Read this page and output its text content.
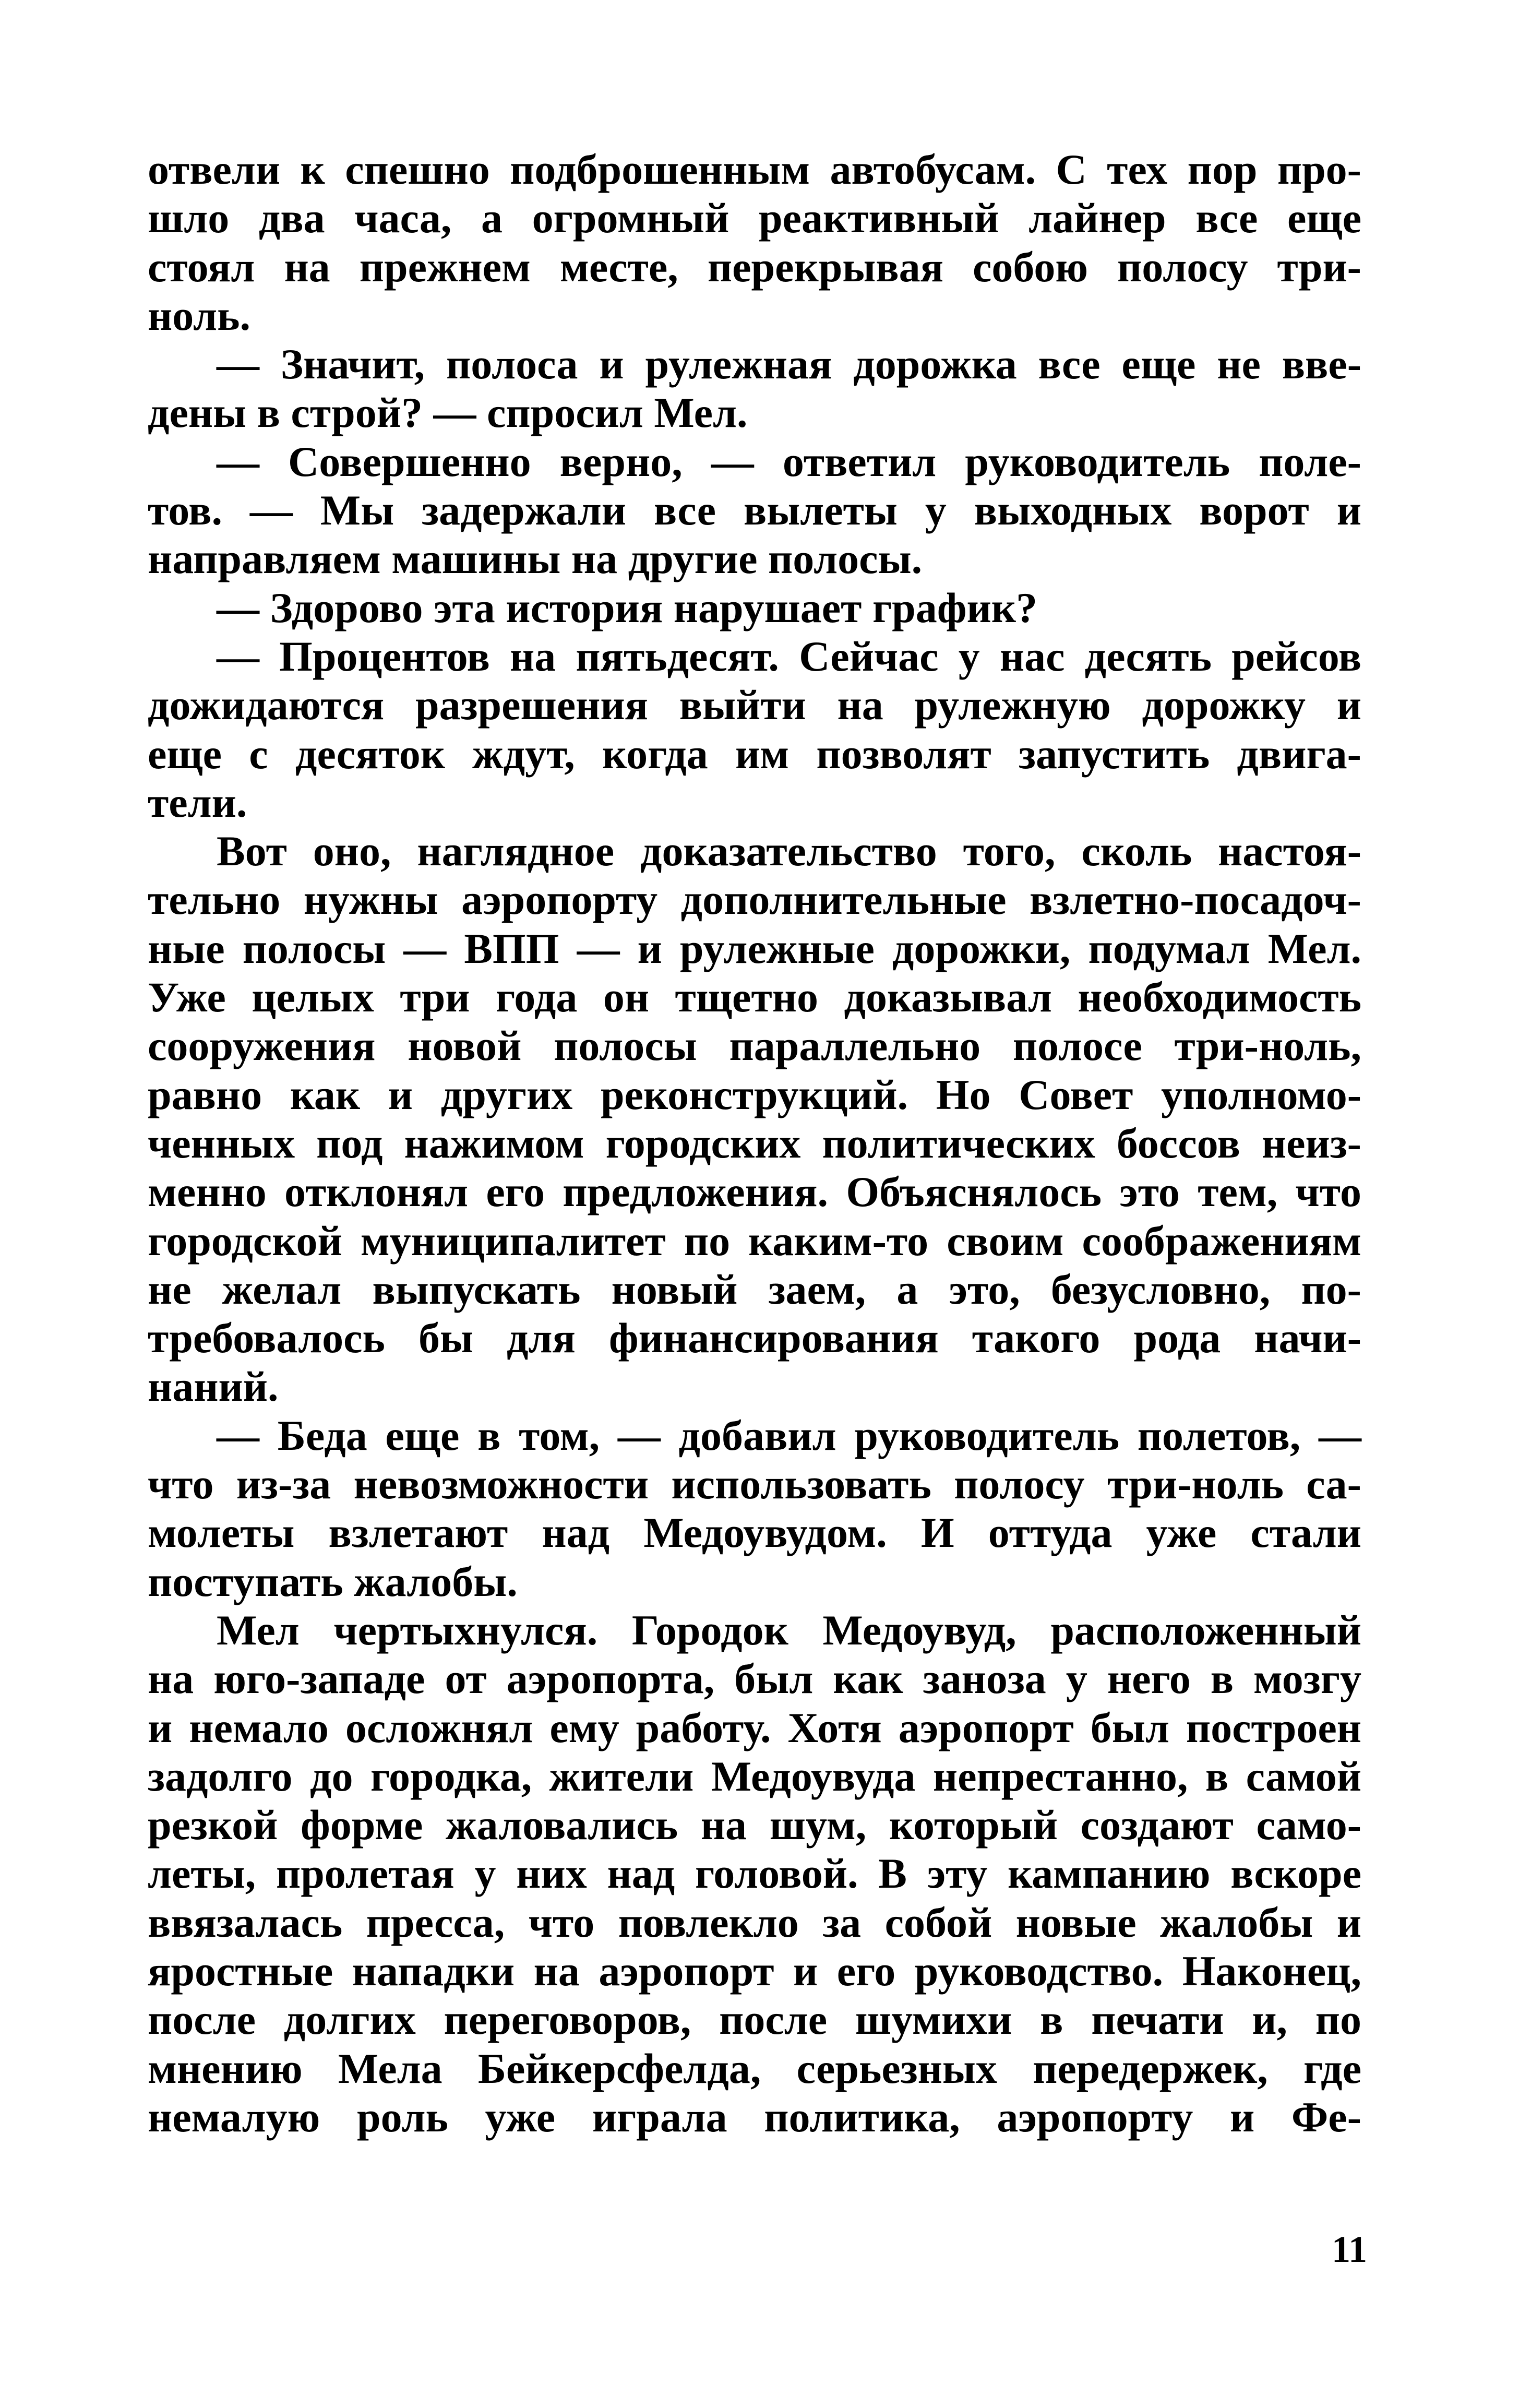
отвели к спешно подброшенным автобусам. С тех пор про-
шло два часа, а огромный реактивный лайнер все еще
стоял на прежнем месте, перекрывая собою полосу три-
ноль.
— Значит, полоса и рулежная дорожка все еще не вве-
дены в строй? — спросил Мел.
— Совершенно верно, — ответил руководитель поле-
тов. — Мы задержали все вылеты у выходных ворот и
направляем машины на другие полосы.
— Здорово эта история нарушает график?
— Процентов на пятьдесят. Сейчас у нас десять рейсов
дожидаются разрешения выйти на рулежную дорожку и
еще с десяток ждут, когда им позволят запустить двига-
тели.
Вот оно, наглядное доказательство того, сколь настоя-
тельно нужны аэропорту дополнительные взлетно-посадоч-
ные полосы — ВПП — и рулежные дорожки, подумал Мел.
Уже целых три года он тщетно доказывал необходимость
сооружения новой полосы параллельно полосе три-ноль,
равно как и других реконструкций. Но Совет уполномо-
ченных под нажимом городских политических боссов неиз-
менно отклонял его предложения. Объяснялось это тем, что
городской муниципалитет по каким-то своим соображениям
не желал выпускать новый заем, а это, безусловно, по-
требовалось бы для финансирования такого рода начи-
наний.
— Беда еще в том, — добавил руководитель полетов, —
что из-за невозможности использовать полосу три-ноль са-
молеты взлетают над Медоувудом. И оттуда уже стали
поступать жалобы.
Мел чертыхнулся. Городок Медоувуд, расположенный
на юго-западе от аэропорта, был как заноза у него в мозгу
и немало осложнял ему работу. Хотя аэропорт был построен
задолго до городка, жители Медоувуда непрестанно, в самой
резкой форме жаловались на шум, который создают само-
леты, пролетая у них над головой. В эту кампанию вскоре
ввязалась пресса, что повлекло за собой новые жалобы и
яростные нападки на аэропорт и его руководство. Наконец,
после долгих переговоров, после шумихи в печати и, по
мнению Мела Бейкерсфелда, серьезных передержек, где
немалую роль уже играла политика, аэропорту и Фе-
11
